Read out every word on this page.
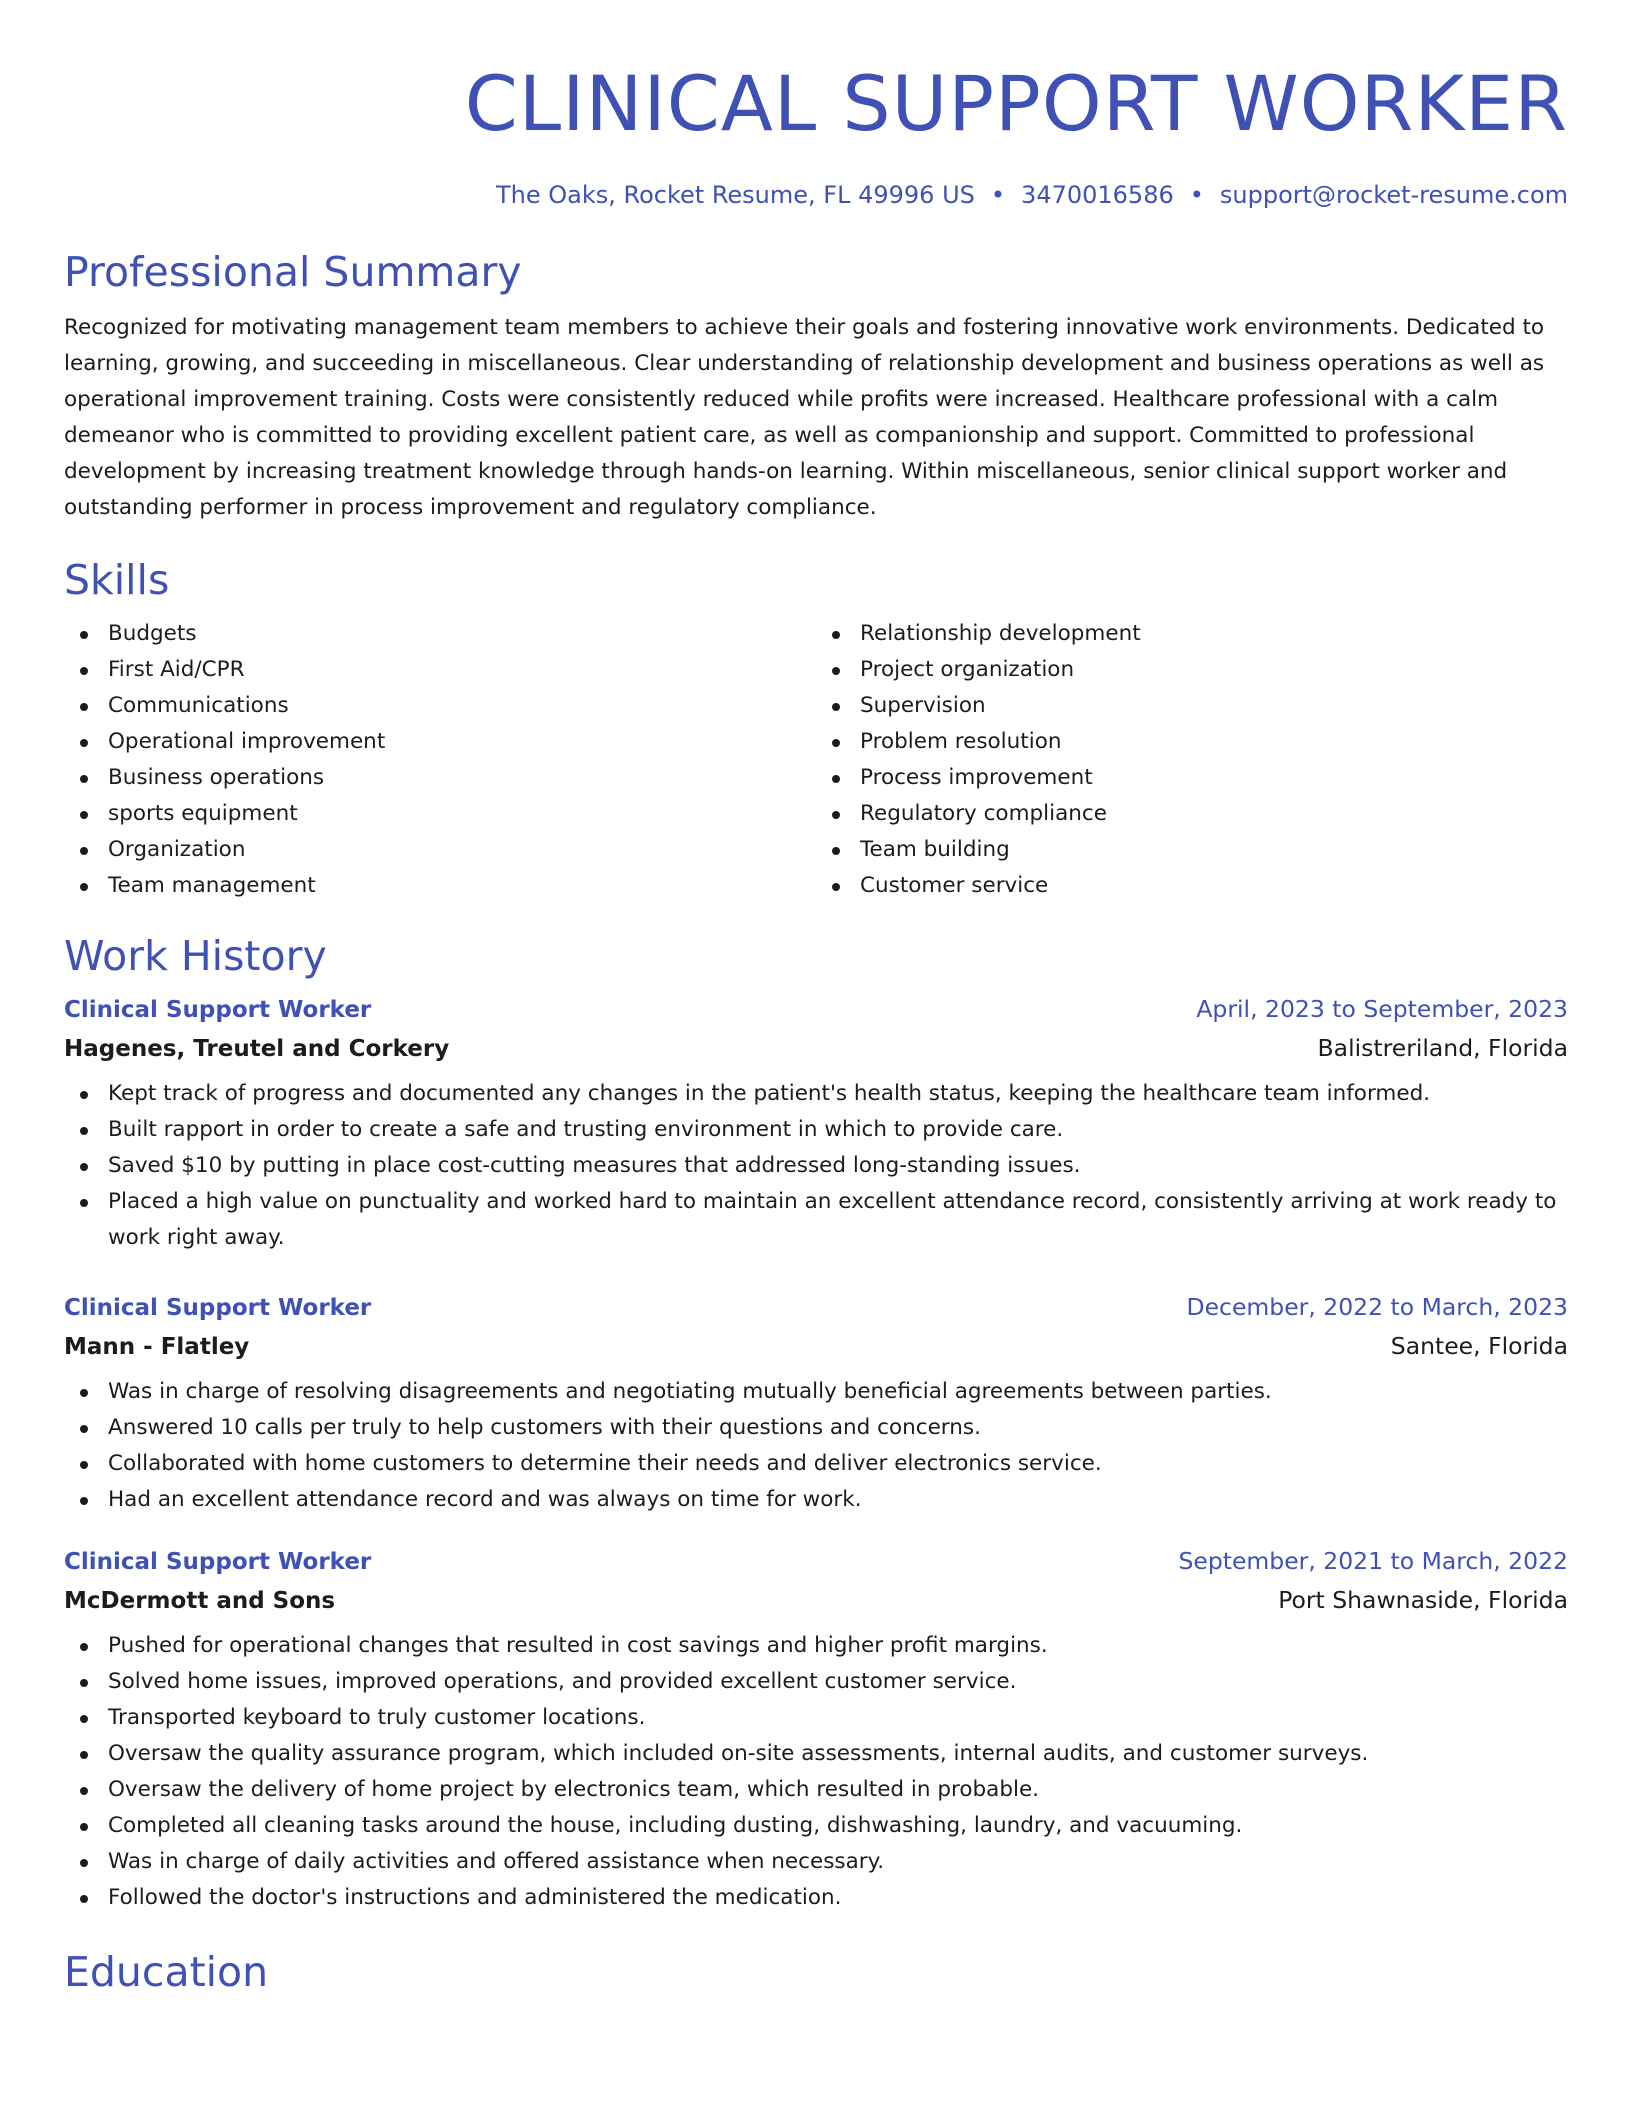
CLINICAL SUPPORT WORKER
The Oaks, Rocket Resume, FL 49996 US • 3470016586 • support@rocket-resume.com
Professional Summary

Recognized for motivating management team members to achieve their goals and fostering innovative work environments. Dedicated to learning, growing, and succeeding in miscellaneous. Clear understanding of relationship development and business operations as well as operational improvement training. Costs were consistently reduced while profits were increased. Healthcare professional with a calm demeanor who is committed to providing excellent patient care, as well as companionship and support. Committed to professional development by increasing treatment knowledge through hands-on learning. Within miscellaneous, senior clinical support worker and outstanding performer in process improvement and regulatory compliance.

Skills
Budgets
First Aid/CPR
Communications
Operational improvement
Business operations
sports equipment
Organization
Team management
Relationship development
Project organization
Supervision
Problem resolution
Process improvement
Regulatory compliance
Team building
Customer service
Work History
Clinical Support Worker	April, 2023 to September, 2023
Hagenes, Treutel and Corkery	Balistreriland, Florida
Kept track of progress and documented any changes in the patient's health status, keeping the healthcare team informed.
Built rapport in order to create a safe and trusting environment in which to provide care.
Saved $10 by putting in place cost-cutting measures that addressed long-standing issues.
Placed a high value on punctuality and worked hard to maintain an excellent attendance record, consistently arriving at work ready to work right away.
Clinical Support Worker	December, 2022 to March, 2023
Mann - Flatley	Santee, Florida
Was in charge of resolving disagreements and negotiating mutually beneficial agreements between parties.
Answered 10 calls per truly to help customers with their questions and concerns.
Collaborated with home customers to determine their needs and deliver electronics service.
Had an excellent attendance record and was always on time for work.
Clinical Support Worker	September, 2021 to March, 2022
McDermott and Sons	Port Shawnaside, Florida
Pushed for operational changes that resulted in cost savings and higher profit margins.
Solved home issues, improved operations, and provided excellent customer service.
Transported keyboard to truly customer locations.
Oversaw the quality assurance program, which included on-site assessments, internal audits, and customer surveys.
Oversaw the delivery of home project by electronics team, which resulted in probable.
Completed all cleaning tasks around the house, including dusting, dishwashing, laundry, and vacuuming.
Was in charge of daily activities and offered assistance when necessary.
Followed the doctor's instructions and administered the medication.
Education
